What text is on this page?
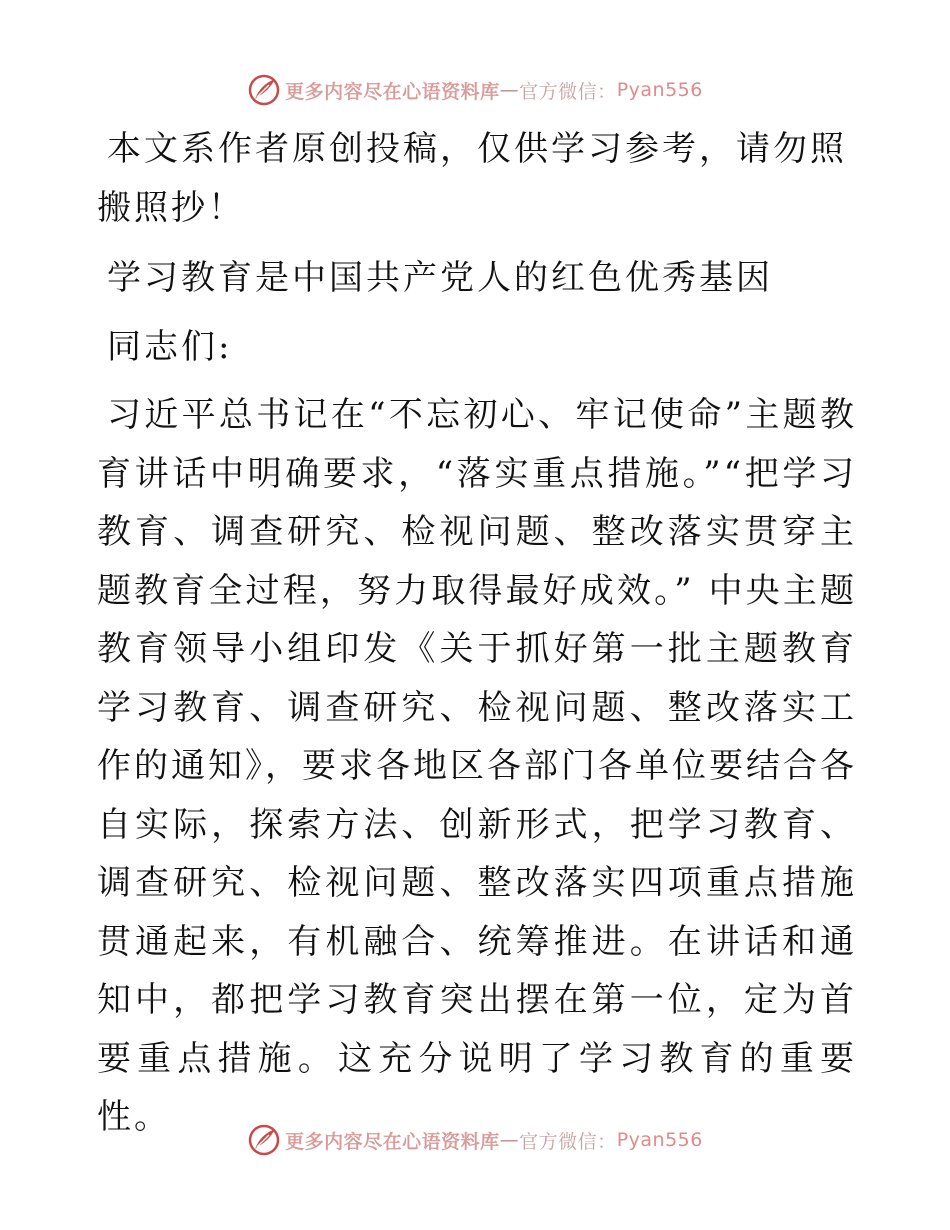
更多内容尽在心语资料库 — 官方微信： Pyan556

本文系作者原创投稿，仅供学习参考，请勿照搬照抄！

学习教育是中国共产党人的红色优秀基因

同志们:

习近平总书记在“不忘初心、牢记使命”主题教育讲话中明确要求，“落实重点措施。”“把学习教育、调查研究、检视问题、整改落实贯穿主题教育全过程，努力取得最好成效。” 中央主题教育领导小组印发《关于抓好第一批主题教育学习教育、调查研究、检视问题、整改落实工作的通知》，要求各地区各部门各单位要结合各自实际，探索方法、创新形式，把学习教育、调查研究、检视问题、整改落实四项重点措施贯通起来，有机融合、统筹推进。在讲话和通知中，都把学习教育突出摆在第一位，定为首要重点措施。这充分说明了学习教育的重要性。

更多内容尽在心语资料库 — 官方微信： Pyan556
